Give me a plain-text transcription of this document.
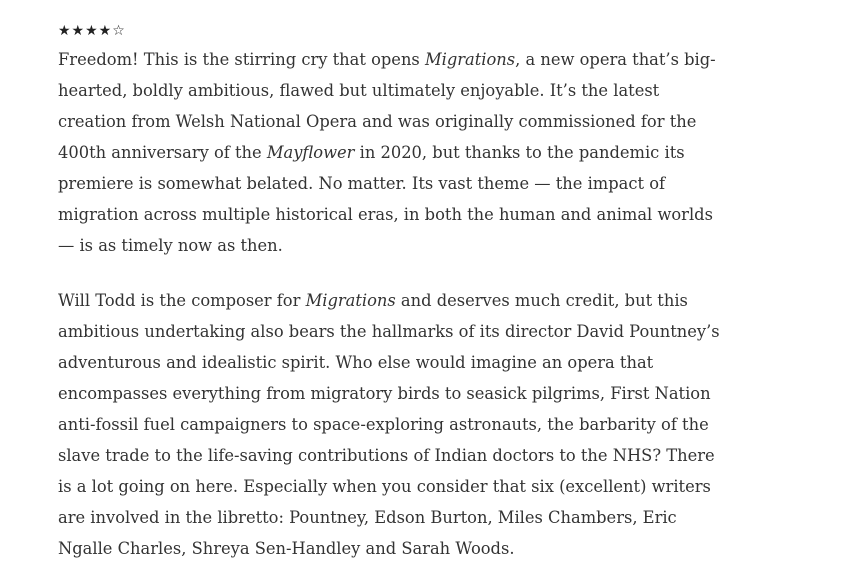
★★★★☆

Freedom! This is the stirring cry that opens Migrations, a new opera that’s big-
hearted, boldly ambitious, flawed but ultimately enjoyable. It’s the latest
creation from Welsh National Opera and was originally commissioned for the
400th anniversary of the Mayflower in 2020, but thanks to the pandemic its
premiere is somewhat belated. No matter. Its vast theme — the impact of
migration across multiple historical eras, in both the human and animal worlds
— is as timely now as then.

Will Todd is the composer for Migrations and deserves much credit, but this
ambitious undertaking also bears the hallmarks of its director David Pountney’s
adventurous and idealistic spirit. Who else would imagine an opera that
encompasses everything from migratory birds to seasick pilgrims, First Nation
anti-fossil fuel campaigners to space-exploring astronauts, the barbarity of the
slave trade to the life-saving contributions of Indian doctors to the NHS? There
is a lot going on here. Especially when you consider that six (excellent) writers
are involved in the libretto: Pountney, Edson Burton, Miles Chambers, Eric
Ngalle Charles, Shreya Sen-Handley and Sarah Woods.
